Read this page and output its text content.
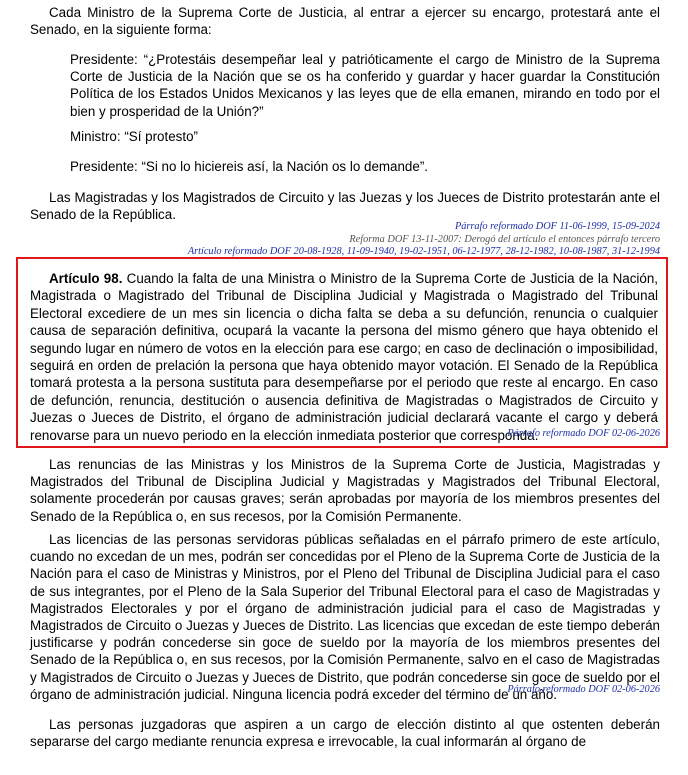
Cada Ministro de la Suprema Corte de Justicia, al entrar a ejercer su encargo, protestará ante el Senado, en la siguiente forma:

Presidente: “¿Protestáis desempeñar leal y patrióticamente el cargo de Ministro de la Suprema Corte de Justicia de la Nación que se os ha conferido y guardar y hacer guardar la Constitución Política de los Estados Unidos Mexicanos y las leyes que de ella emanen, mirando en todo por el bien y prosperidad de la Unión?”

Ministro: “Sí protesto”

Presidente: “Si no lo hiciereis así, la Nación os lo demande”.

Las Magistradas y los Magistrados de Circuito y las Juezas y los Jueces de Distrito protestarán ante el Senado de la República.

Párrafo reformado DOF 11-06-1999, 15-09-2024
Reforma DOF 13-11-2007: Derogó del artículo el entonces párrafo tercero
Artículo reformado DOF 20-08-1928, 11-09-1940, 19-02-1951, 06-12-1977, 28-12-1982, 10-08-1987, 31-12-1994

Artículo 98. Cuando la falta de una Ministra o Ministro de la Suprema Corte de Justicia de la Nación, Magistrada o Magistrado del Tribunal de Disciplina Judicial y Magistrada o Magistrado del Tribunal Electoral excediere de un mes sin licencia o dicha falta se deba a su defunción, renuncia o cualquier causa de separación definitiva, ocupará la vacante la persona del mismo género que haya obtenido el segundo lugar en número de votos en la elección para ese cargo; en caso de declinación o imposibilidad, seguirá en orden de prelación la persona que haya obtenido mayor votación. El Senado de la República tomará protesta a la persona sustituta para desempeñarse por el periodo que reste al encargo. En caso de defunción, renuncia, destitución o ausencia definitiva de Magistradas o Magistrados de Circuito y Juezas o Jueces de Distrito, el órgano de administración judicial declarará vacante el cargo y deberá renovarse para un nuevo periodo en la elección inmediata posterior que corresponda.

Párrafo reformado DOF 02-06-2026

Las renuncias de las Ministras y los Ministros de la Suprema Corte de Justicia, Magistradas y Magistrados del Tribunal de Disciplina Judicial y Magistradas y Magistrados del Tribunal Electoral, solamente procederán por causas graves; serán aprobadas por mayoría de los miembros presentes del Senado de la República o, en sus recesos, por la Comisión Permanente.

Las licencias de las personas servidoras públicas señaladas en el párrafo primero de este artículo, cuando no excedan de un mes, podrán ser concedidas por el Pleno de la Suprema Corte de Justicia de la Nación para el caso de Ministras y Ministros, por el Pleno del Tribunal de Disciplina Judicial para el caso de sus integrantes, por el Pleno de la Sala Superior del Tribunal Electoral para el caso de Magistradas y Magistrados Electorales y por el órgano de administración judicial para el caso de Magistradas y Magistrados de Circuito o Juezas y Jueces de Distrito. Las licencias que excedan de este tiempo deberán justificarse y podrán concederse sin goce de sueldo por la mayoría de los miembros presentes del Senado de la República o, en sus recesos, por la Comisión Permanente, salvo en el caso de Magistradas y Magistrados de Circuito o Juezas y Jueces de Distrito, que podrán concederse sin goce de sueldo por el órgano de administración judicial. Ninguna licencia podrá exceder del término de un año.

Párrafo reformado DOF 02-06-2026

Las personas juzgadoras que aspiren a un cargo de elección distinto al que ostenten deberán separarse del cargo mediante renuncia expresa e irrevocable, la cual informarán al órgano de
